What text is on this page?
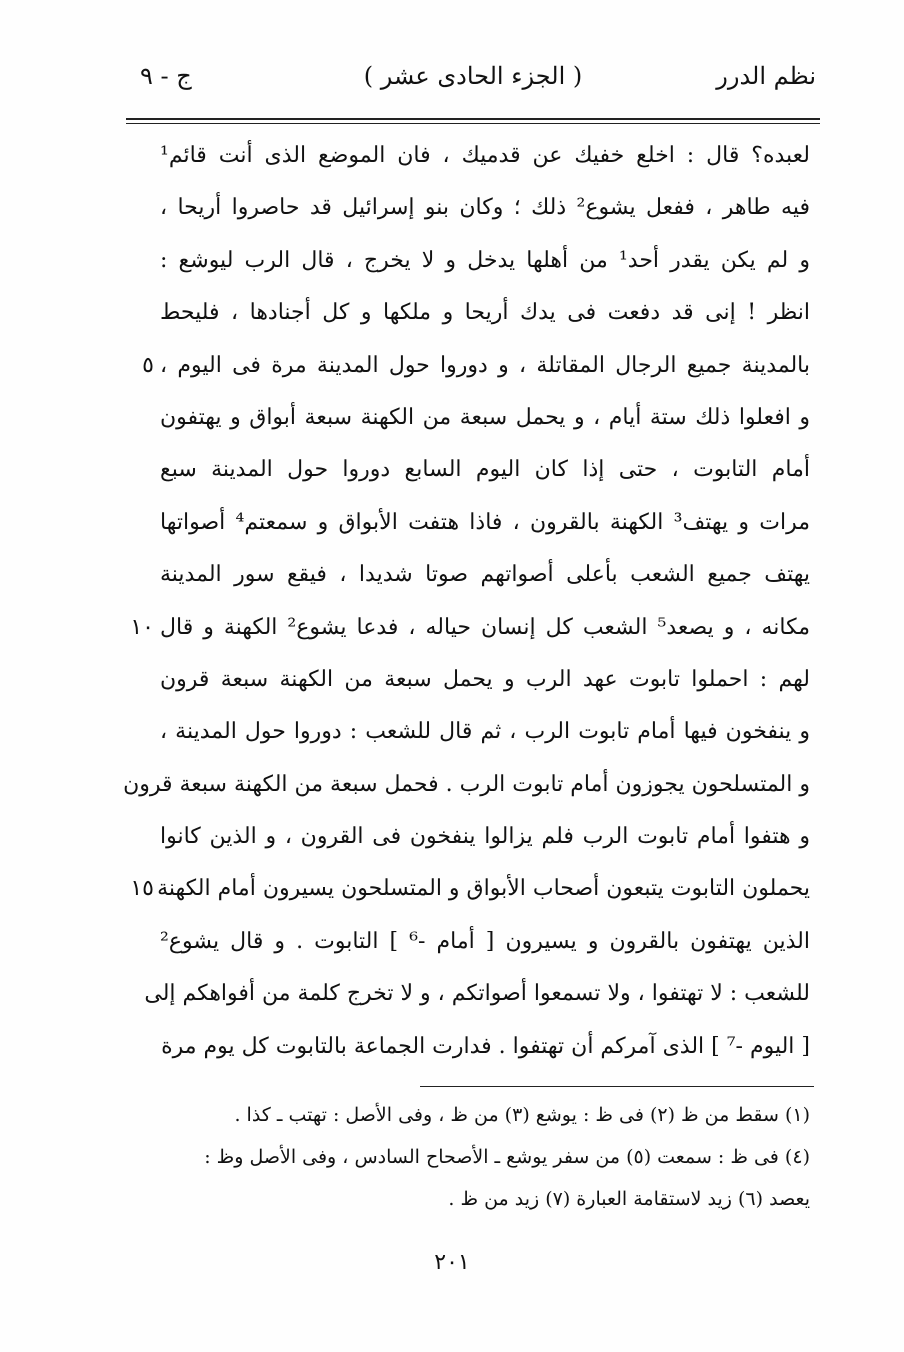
نظم الدرر
( الجزء الحادى عشر )
ج - ٩
لعبده؟ قال : اخلع خفيك عن قدميك ، فان الموضع الذى أنت قائم¹
فيه طاهر ، ففعل يشوع² ذلك ؛ وكان بنو إسرائيل قد حاصروا أريحا ،
و لم يكن يقدر أحد¹ من أهلها يدخل و لا يخرج ، قال الرب ليوشع :
انظر ! إنى قد دفعت فى يدك أريحا و ملكها و كل أجنادها ، فليحط
بالمدينة جميع الرجال المقاتلة ، و دوروا حول المدينة مرة فى اليوم ،
٥
و افعلوا ذلك ستة أيام ، و يحمل سبعة من الكهنة سبعة أبواق و يهتفون
أمام التابوت ، حتى إذا كان اليوم السابع دوروا حول المدينة سبع
مرات و يهتف³ الكهنة بالقرون ، فاذا هتفت الأبواق و سمعتم⁴ أصواتها
يهتف جميع الشعب بأعلى أصواتهم صوتا شديدا ، فيقع سور المدينة
مكانه ، و يصعد⁵ الشعب كل إنسان حياله ، فدعا يشوع² الكهنة و قال
١٠
لهم : احملوا تابوت عهد الرب و يحمل سبعة من الكهنة سبعة قرون
و ينفخون فيها أمام تابوت الرب ، ثم قال للشعب : دوروا حول المدينة ،
و المتسلحون يجوزون أمام تابوت الرب . فحمل سبعة من الكهنة سبعة قرون
و هتفوا أمام تابوت الرب فلم يزالوا ينفخون فى القرون ، و الذين كانوا
يحملون التابوت يتبعون أصحاب الأبواق و المتسلحون يسيرون أمام الكهنة
١٥
الذين يهتفون بالقرون و يسيرون [ أمام -⁶ ] التابوت . و قال يشوع²
للشعب : لا تهتفوا ، ولا تسمعوا أصواتكم ، و لا تخرج كلمة من أفواهكم إلى
[ اليوم -⁷ ] الذى آمركم أن تهتفوا . فدارت الجماعة بالتابوت كل يوم مرة
(١) سقط من ظ (٢) فى ظ : يوشع (٣) من ظ ، وفى الأصل : تهتب ـ كذا .
(٤) فى ظ : سمعت (٥) من سفر يوشع ـ الأصحاح السادس ، وفى الأصل وظ :
يعصد (٦) زيد لاستقامة العبارة (٧) زيد من ظ .
٢٠١
